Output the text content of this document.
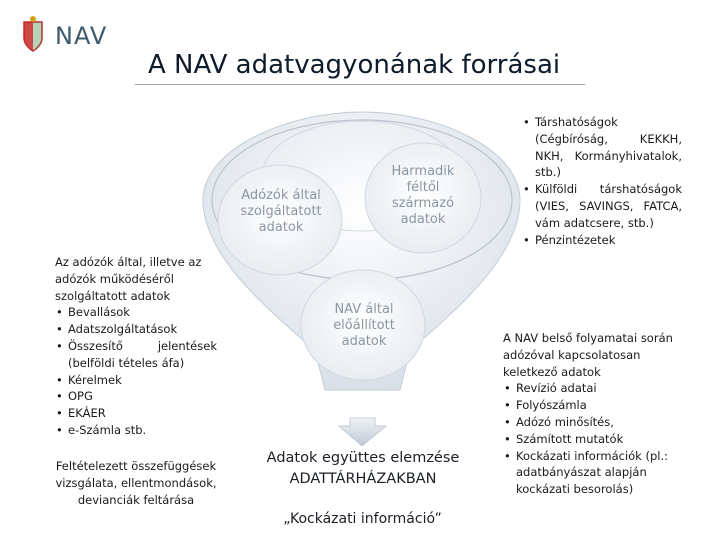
NAV
A NAV adatvagyonának forrásai
Adózók által szolgáltatott adatok
Harmadik féltől származó adatok
NAV által előállított adatok
Az adózók által, illetve az adózók működéséről szolgáltatott adatok
• Bevallások
• Adatszolgáltatások
• Összesítő jelentések (belföldi tételes áfa)
• Kérelmek
• OPG
• EKÁER
• e-Számla stb.
Feltételezett összefüggések vizsgálata, ellentmondások, devianciák feltárása
• Társhatóságok (Cégbíróság, KEKKH, NKH, Kormányhivatalok, stb.)
• Külföldi társhatóságok (VIES, SAVINGS, FATCA, vám adatcsere, stb.)
• Pénzintézetek
A NAV belső folyamatai során adózóval kapcsolatosan keletkező adatok
• Revízió adatai
• Folyószámla
• Adózó minősítés,
• Számított mutatók
• Kockázati információk (pl.: adatbányászat alapján kockázati besorolás)
Adatok együttes elemzése
ADATTÁRHÁZAKBAN
„Kockázati információ”
